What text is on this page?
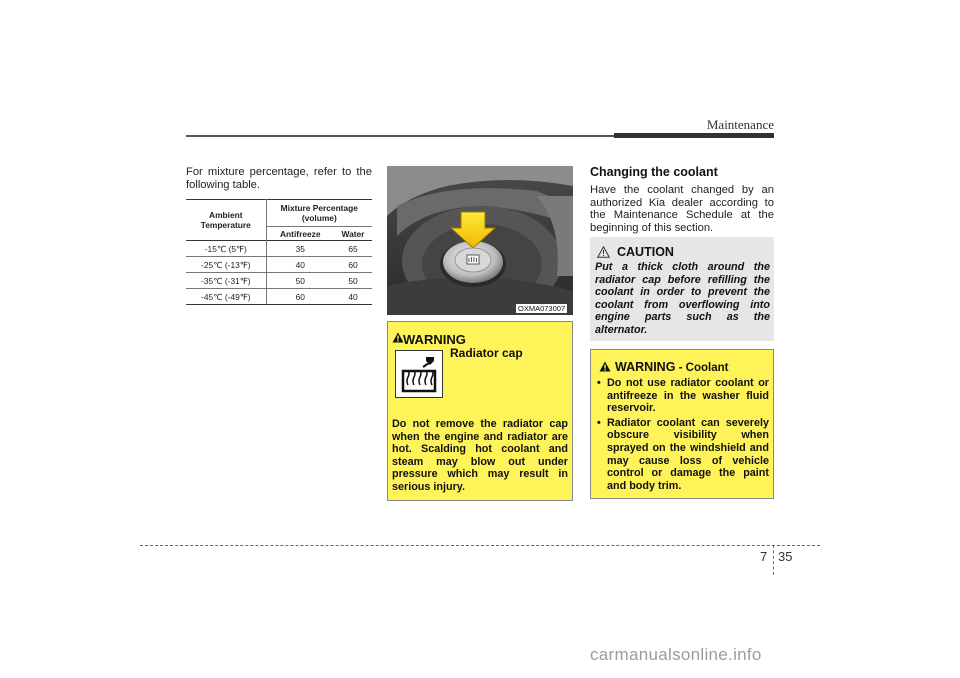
Maintenance
For mixture percentage, refer to the following table.
Ambient Temperature	Mixture Percentage (volume)	
	Antifreeze	Water
-15℃ (5℉)	35	65
-25℃ (-13℉)	40	60
-35℃ (-31℉)	50	50
-45℃ (-49℉)	60	40
OXMA073007
WARNING
Radiator cap
Do not remove the radiator cap when the engine and radiator are hot. Scalding hot coolant and steam may blow out under pressure which may result in serious injury.
Changing the coolant
Have the coolant changed by an authorized Kia dealer according to the Maintenance Schedule at the beginning of this section.
CAUTION
Put a thick cloth around the radiator cap before refilling the coolant in order to prevent the coolant from overflowing into engine parts such as the alternator.
WARNING - Coolant
• Do not use radiator coolant or antifreeze in the washer fluid reservoir.
• Radiator coolant can severely obscure visibility when sprayed on the windshield and may cause loss of vehicle control or damage the paint and body trim.
7 35
carmanualsonline.info
